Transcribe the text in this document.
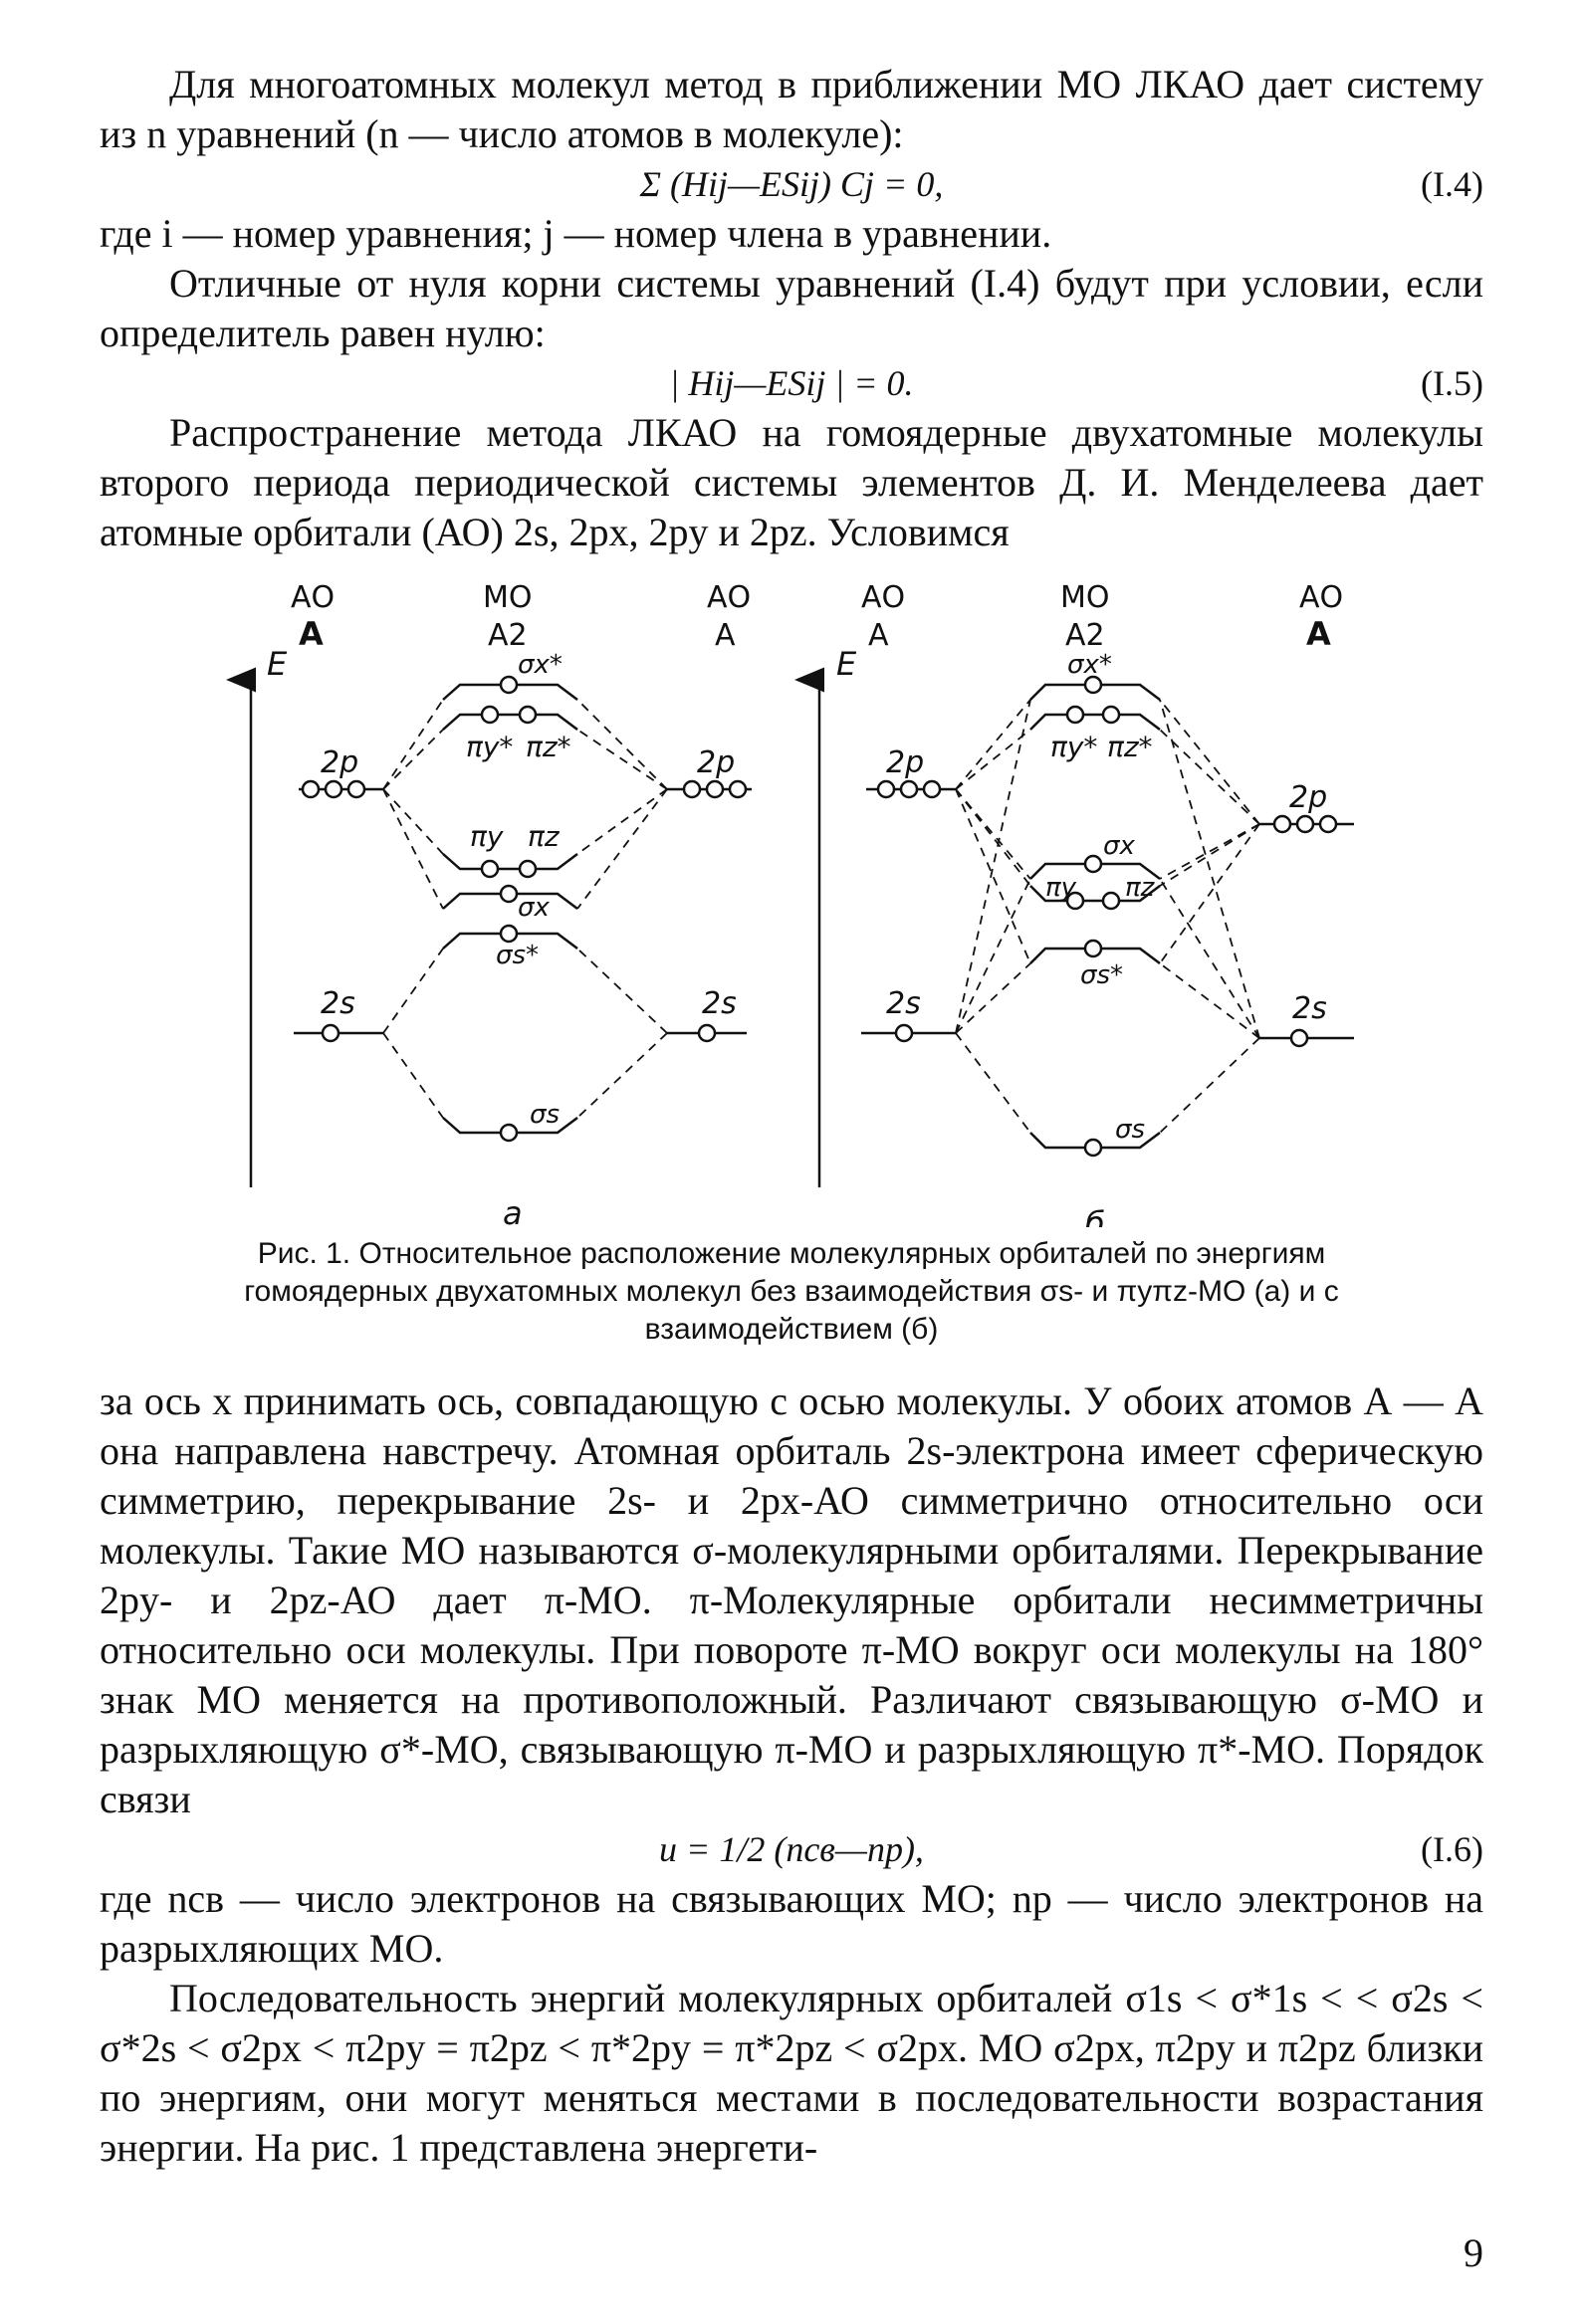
Для многоатомных молекул метод в приближении МО ЛКАО дает систему из n уравнений (n — число атомов в молекуле):

Σ (Hij—ESij) Cj = 0,	(I.4)

где i — номер уравнения; j — номер члена в уравнении.

Отличные от нуля корни системы уравнений (I.4) будут при условии, если определитель равен нулю:

| Hij—ESij | = 0.	(I.5)

Распространение метода ЛКАО на гомоядерные двухатомные молекулы второго периода периодической системы элементов Д. И. Менделеева дает атомные орбитали (АО) 2s, 2px, 2py и 2pz. Условимся

АО
А
МО
А2
АО
А
E
2p	2p
σx*
πy* πz*
πy πz
σx
σs*
2s	2s
σs
а
АО
А
МО
А2
АО
А
E
2p
2p
σx*
πy* πz*
σx
πy πz
σs*
2s	2s
σs
б
Рис. 1. Относительное расположение молекулярных орбиталей по энергиям гомоядерных двухатомных молекул без взаимодействия σs- и πyπz-МО (а) и с взаимодействием (б)

за ось x принимать ось, совпадающую с осью молекулы. У обоих атомов А — А она направлена навстречу. Атомная орбиталь 2s-электрона имеет сферическую симметрию, перекрывание 2s- и 2px-АО симметрично относительно оси молекулы. Такие МО называются σ-молекулярными орбиталями. Перекрывание 2py- и 2pz-АО дает π-МО. π-Молекулярные орбитали несимметричны относительно оси молекулы. При повороте π-МО вокруг оси молекулы на 180° знак МО меняется на противоположный. Различают связывающую σ-МО и разрыхляющую σ*-МО, связывающую π-МО и разрыхляющую π*-МО. Порядок связи

u = 1/2 (nсв—nр),	(I.6)

где nсв — число электронов на связывающих МО; nр — число электронов на разрыхляющих МО.

Последовательность энергий молекулярных орбиталей σ1s < σ*1s < < σ2s < σ*2s < σ2px < π2py = π2pz < π*2py = π*2pz < σ2px. МО σ2px, π2py и π2pz близки по энергиям, они могут меняться местами в последовательности возрастания энергии. На рис. 1 представлена энергети-

9
